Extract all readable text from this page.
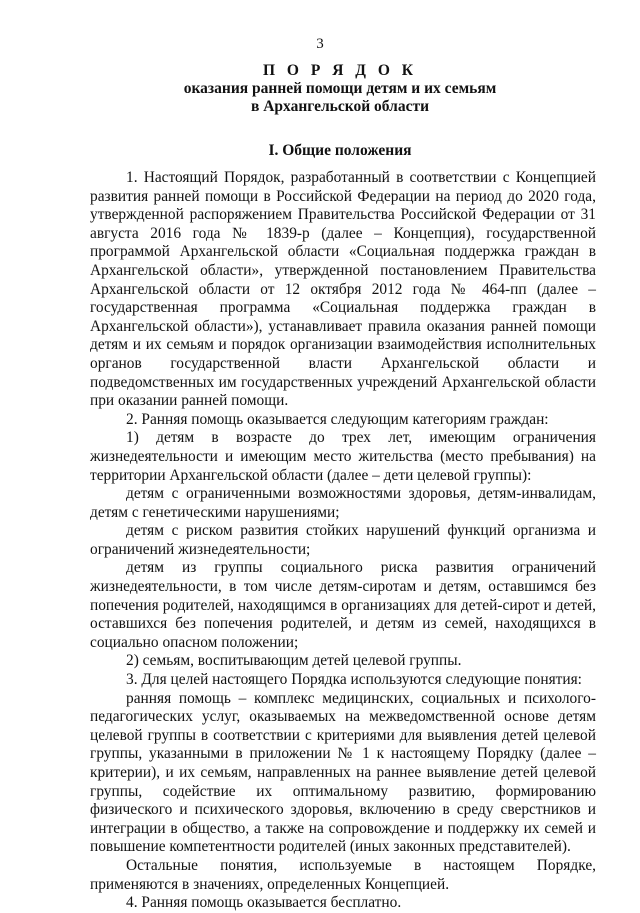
3
П О Р Я Д О К
оказания ранней помощи детям и их семьям
в Архангельской области
I. Общие положения

1. Настоящий Порядок, разработанный в соответствии с Концепцией развития ранней помощи в Российской Федерации на период до 2020 года, утвержденной распоряжением Правительства Российской Федерации от 31 августа 2016 года № 1839-р (далее – Концепция), государственной программой Архангельской области «Социальная поддержка граждан в Архангельской области», утвержденной постановлением Правительства Архангельской области от 12 октября 2012 года № 464-пп (далее – государственная программа «Социальная поддержка граждан в Архангельской области»), устанавливает правила оказания ранней помощи детям и их семьям и порядок организации взаимодействия исполнительных органов государственной власти Архангельской области и подведомственных им государственных учреждений Архангельской области при оказании ранней помощи.

2. Ранняя помощь оказывается следующим категориям граждан:

1) детям в возрасте до трех лет, имеющим ограничения жизнедеятельности и имеющим место жительства (место пребывания) на территории Архангельской области (далее – дети целевой группы):

детям с ограниченными возможностями здоровья, детям-инвалидам, детям с генетическими нарушениями;

детям с риском развития стойких нарушений функций организма и ограничений жизнедеятельности;

детям из группы социального риска развития ограничений жизнедеятельности, в том числе детям-сиротам и детям, оставшимся без попечения родителей, находящимся в организациях для детей-сирот и детей, оставшихся без попечения родителей, и детям из семей, находящихся в социально опасном положении;

2) семьям, воспитывающим детей целевой группы.

3. Для целей настоящего Порядка используются следующие понятия:

ранняя помощь – комплекс медицинских, социальных и психолого-педагогических услуг, оказываемых на межведомственной основе детям целевой группы в соответствии с критериями для выявления детей целевой группы, указанными в приложении № 1 к настоящему Порядку (далее – критерии), и их семьям, направленных на раннее выявление детей целевой группы, содействие их оптимальному развитию, формированию физического и психического здоровья, включению в среду сверстников и интеграции в общество, а также на сопровождение и поддержку их семей и повышение компетентности родителей (иных законных представителей).

Остальные понятия, используемые в настоящем Порядке, применяются в значениях, определенных Концепцией.

4. Ранняя помощь оказывается бесплатно.
